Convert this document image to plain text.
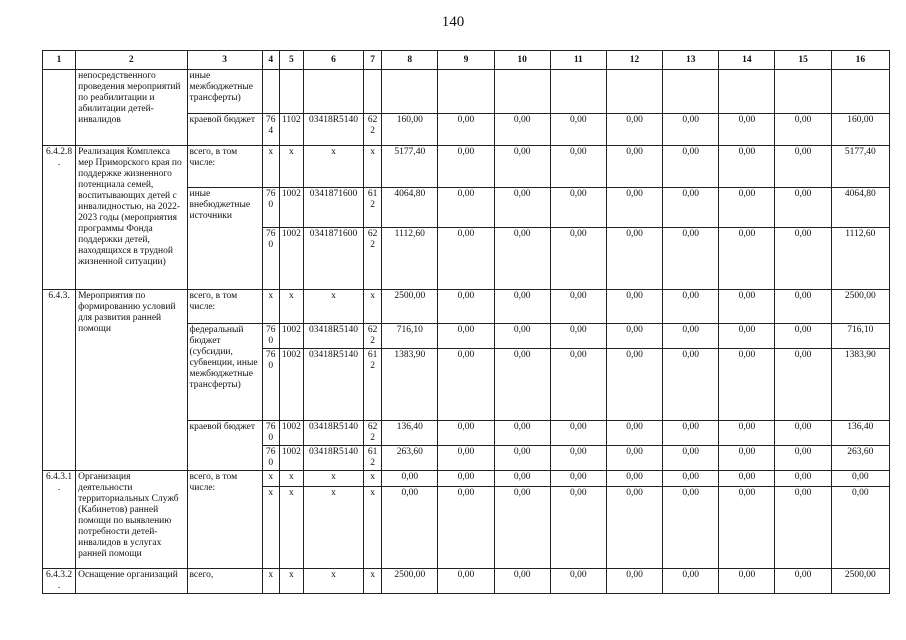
140
1	2	3	4	5	6	7	8	9	10	11	12	13	14	15	16
	непосредственного проведения мероприятий по реабилитации и абилитации детей-инвалидов	иные межбюджетные трансферты)													
		краевой бюджет	764	1102	03418R5140	622	160,00	0,00	0,00	0,00	0,00	0,00	0,00	0,00	160,00
6.4.2.8.	Реализация Комплекса мер Приморского края по поддержке жизненного потенциала семей, воспитывающих детей с инвалидностью, на 2022-2023 годы (мероприятия программы Фонда поддержки детей, находящихся в трудной жизненной ситуации)	всего, в том числе:	х	х	х	х	5177,40	0,00	0,00	0,00	0,00	0,00	0,00	0,00	5177,40
		иные внебюджетные источники	760	1002	0341871600	612	4064,80	0,00	0,00	0,00	0,00	0,00	0,00	0,00	4064,80
			760	1002	0341871600	622	1112,60	0,00	0,00	0,00	0,00	0,00	0,00	0,00	1112,60
6.4.3.	Мероприятия по формированию условий для развития ранней помощи	всего, в том числе:	х	х	х	х	2500,00	0,00	0,00	0,00	0,00	0,00	0,00	0,00	2500,00
		федеральный бюджет (субсидии, субвенции, иные межбюджетные трансферты)	760	1002	03418R5140	622	716,10	0,00	0,00	0,00	0,00	0,00	0,00	0,00	716,10
			760	1002	03418R5140	612	1383,90	0,00	0,00	0,00	0,00	0,00	0,00	0,00	1383,90
		краевой бюджет	760	1002	03418R5140	622	136,40	0,00	0,00	0,00	0,00	0,00	0,00	0,00	136,40
			760	1002	03418R5140	612	263,60	0,00	0,00	0,00	0,00	0,00	0,00	0,00	263,60
6.4.3.1.	Организация деятельности территориальных Служб (Кабинетов) ранней помощи по выявлению потребности детей-инвалидов в услугах ранней помощи	всего, в том числе:	х	х	х	х	0,00	0,00	0,00	0,00	0,00	0,00	0,00	0,00	0,00
			х	х	х	х	0,00	0,00	0,00	0,00	0,00	0,00	0,00	0,00	0,00
6.4.3.2.	Оснащение организаций	всего,	х	х	х	х	2500,00	0,00	0,00	0,00	0,00	0,00	0,00	0,00	2500,00
